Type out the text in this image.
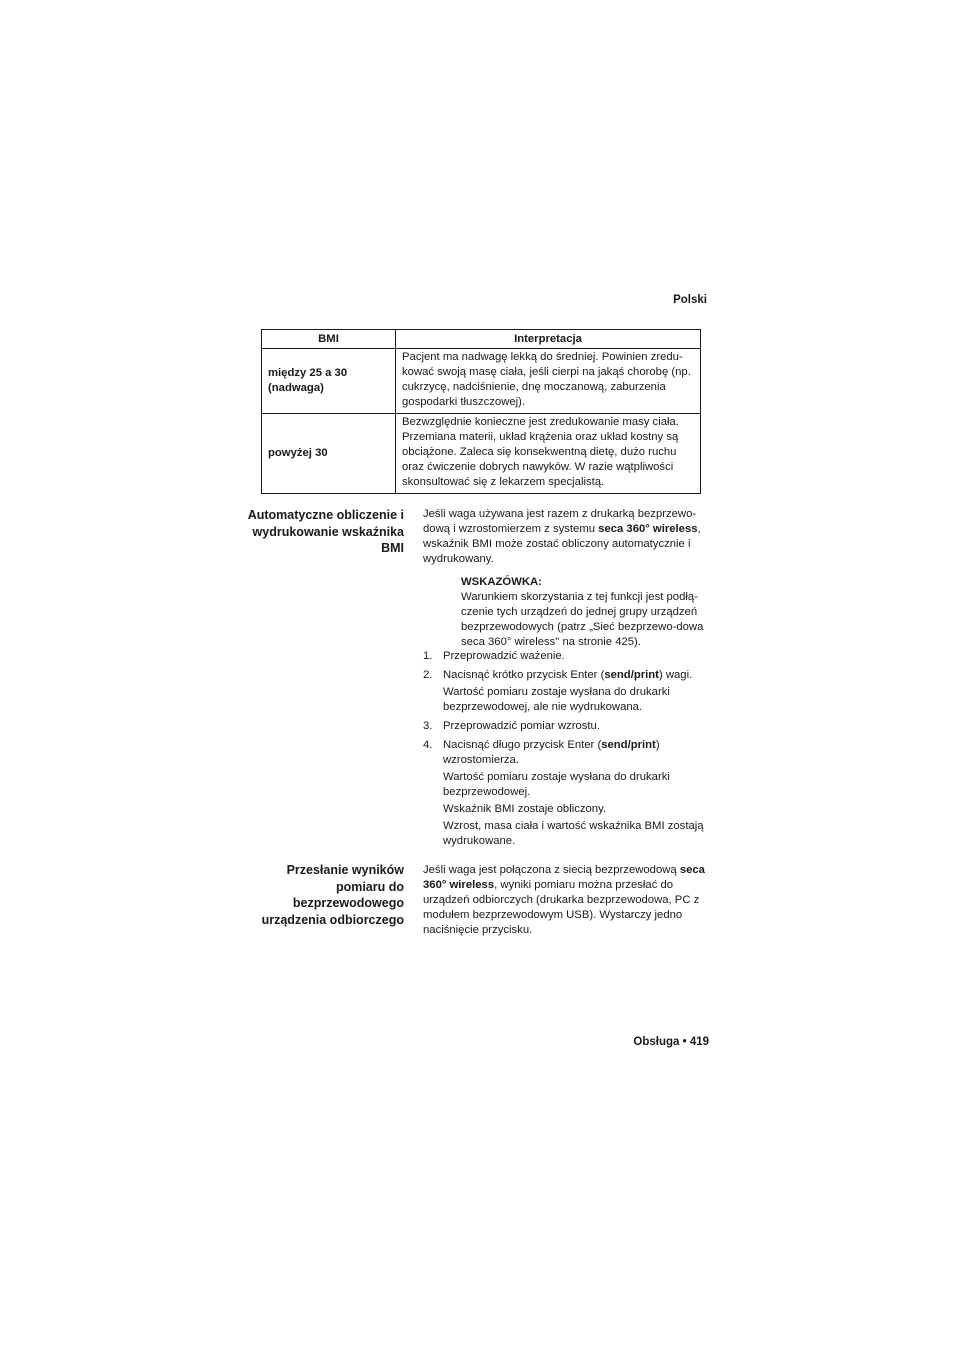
Polski
BMI	Interpretacja
między 25 a 30 (nadwaga)	Pacjent ma nadwagę lekką do średniej. Powinien zredu-kować swoją masę ciała, jeśli cierpi na jakąś chorobę (np. cukrzycę, nadciśnienie, dnę moczanową, zaburzenia gospodarki tłuszczowej).
powyżej 30	Bezwzględnie konieczne jest zredukowanie masy ciała. Przemiana materii, układ krążenia oraz układ kostny są obciążone. Zaleca się konsekwentną dietę, dużo ruchu oraz ćwiczenie dobrych nawyków. W razie wątpliwości skonsultować się z lekarzem specjalistą.
Automatyczne obliczenie i wydrukowanie wskaźnika BMI
Jeśli waga używana jest razem z drukarką bezprzewo-dową i wzrostomierzem z systemu seca 360° wireless, wskaźnik BMI może zostać obliczony automatycznie i wydrukowany.
WSKAZÓWKA:
Warunkiem skorzystania z tej funkcji jest podłą-czenie tych urządzeń do jednej grupy urządzeń bezprzewodowych (patrz „Sieć bezprzewo-dowa seca 360° wireless" na stronie 425).
1. Przeprowadzić ważenie.
2. Nacisnąć krótko przycisk Enter (send/print) wagi.
Wartość pomiaru zostaje wysłana do drukarki bezprzewodowej, ale nie wydrukowana.
3. Przeprowadzić pomiar wzrostu.
4. Nacisnąć długo przycisk Enter (send/print) wzrostomierza.
Wartość pomiaru zostaje wysłana do drukarki bezprzewodowej.
Wskaźnik BMI zostaje obliczony.
Wzrost, masa ciała i wartość wskaźnika BMI zostają wydrukowane.
Przesłanie wyników pomiaru do bezprzewodowego urządzenia odbiorczego
Jeśli waga jest połączona z siecią bezprzewodową seca 360° wireless, wyniki pomiaru można przesłać do urządzeń odbiorczych (drukarka bezprzewodowa, PC z modułem bezprzewodowym USB). Wystarczy jedno naciśnięcie przycisku.
Obsługa • 419
